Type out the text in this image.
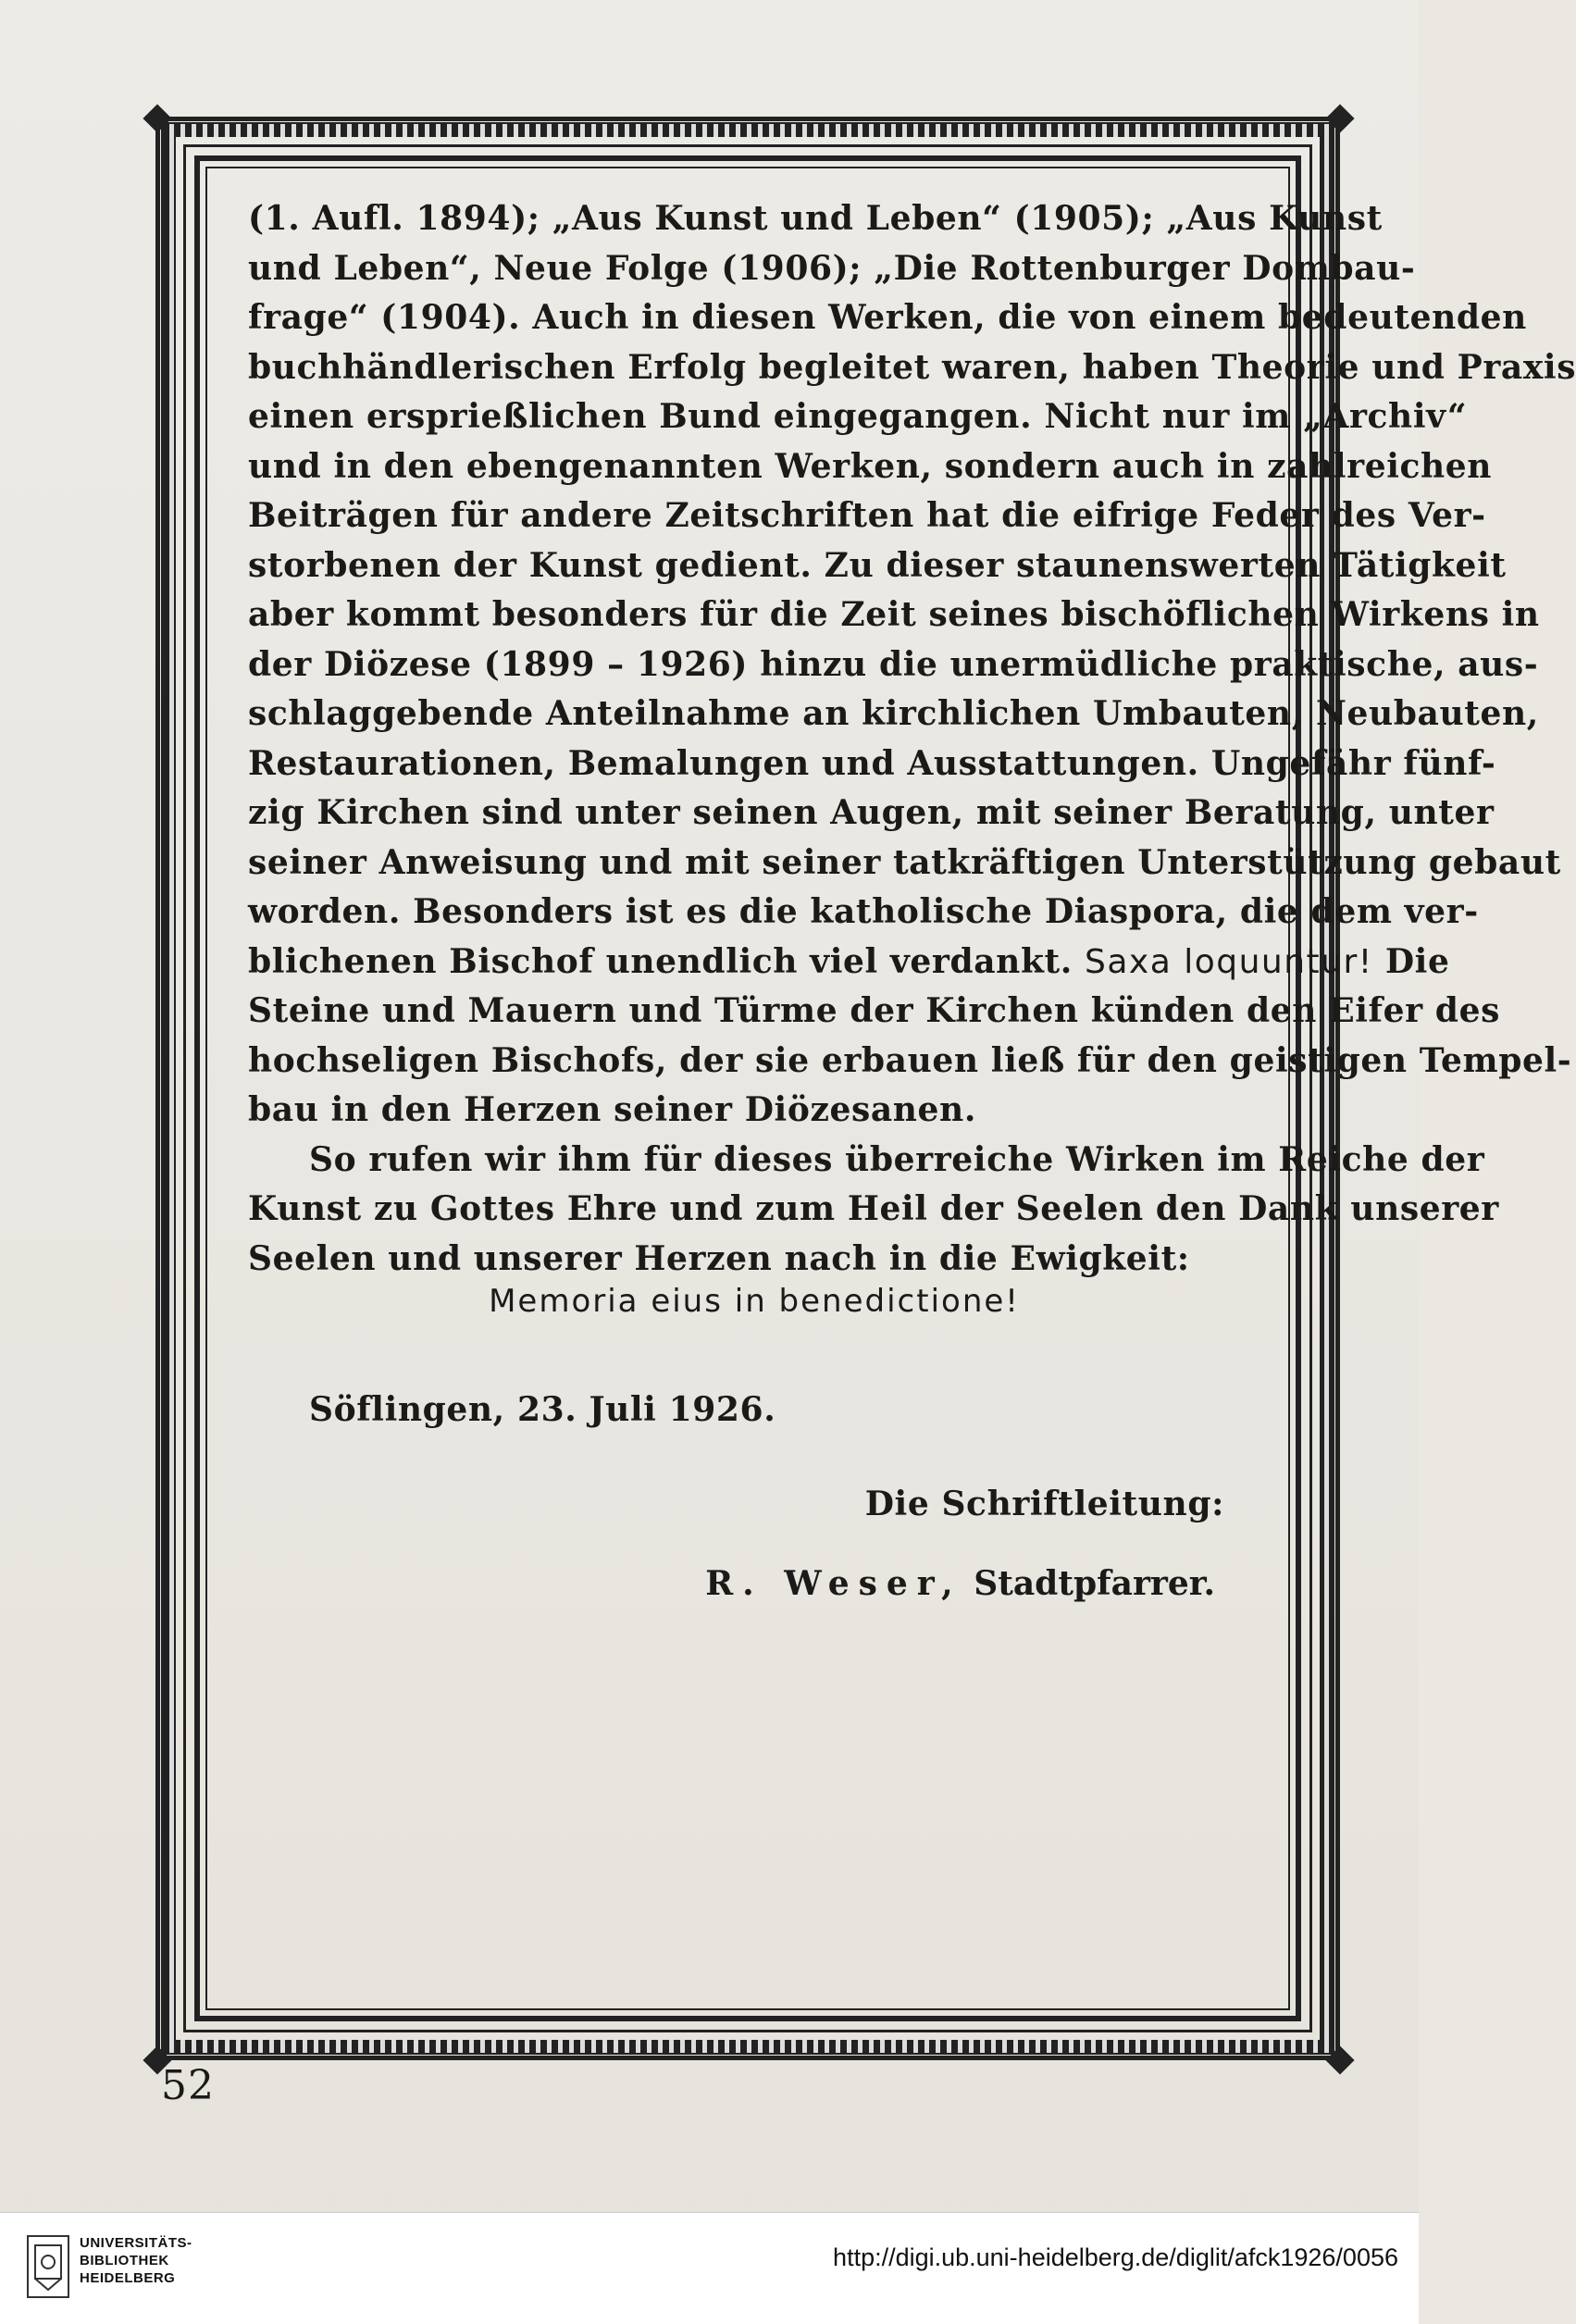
(1. Aufl. 1894); „Aus Kunst und Leben“ (1905); „Aus Kunst
und Leben“, Neue Folge (1906); „Die Rottenburger Dombau-
frage“ (1904). Auch in diesen Werken, die von einem bedeutenden
buchhändlerischen Erfolg begleitet waren, haben Theorie und Praxis
einen ersprießlichen Bund eingegangen. Nicht nur im „Archiv“
und in den ebengenannten Werken, sondern auch in zahlreichen
Beiträgen für andere Zeitschriften hat die eifrige Feder des Ver-
storbenen der Kunst gedient. Zu dieser staunenswerten Tätigkeit
aber kommt besonders für die Zeit seines bischöflichen Wirkens in
der Diözese (1899 – 1926) hinzu die unermüdliche praktische, aus-
schlaggebende Anteilnahme an kirchlichen Umbauten, Neubauten,
Restaurationen, Bemalungen und Ausstattungen. Ungefähr fünf-
zig Kirchen sind unter seinen Augen, mit seiner Beratung, unter
seiner Anweisung und mit seiner tatkräftigen Unterstützung gebaut
worden. Besonders ist es die katholische Diaspora, die dem ver-
blichenen Bischof unendlich viel verdankt. Saxa loquuntur! Die
Steine und Mauern und Türme der Kirchen künden den Eifer des
hochseligen Bischofs, der sie erbauen ließ für den geistigen Tempel-
bau in den Herzen seiner Diözesanen.
So rufen wir ihm für dieses überreiche Wirken im Reiche der
Kunst zu Gottes Ehre und zum Heil der Seelen den Dank unserer
Seelen und unserer Herzen nach in die Ewigkeit:
Memoria eius in benedictione!
Söflingen, 23. Juli 1926.
Die Schriftleitung:
R. Weser, Stadtpfarrer.
52
UNIVERSITÄTS-
BIBLIOTHEK
HEIDELBERG
http://digi.ub.uni-heidelberg.de/diglit/afck1926/0056
